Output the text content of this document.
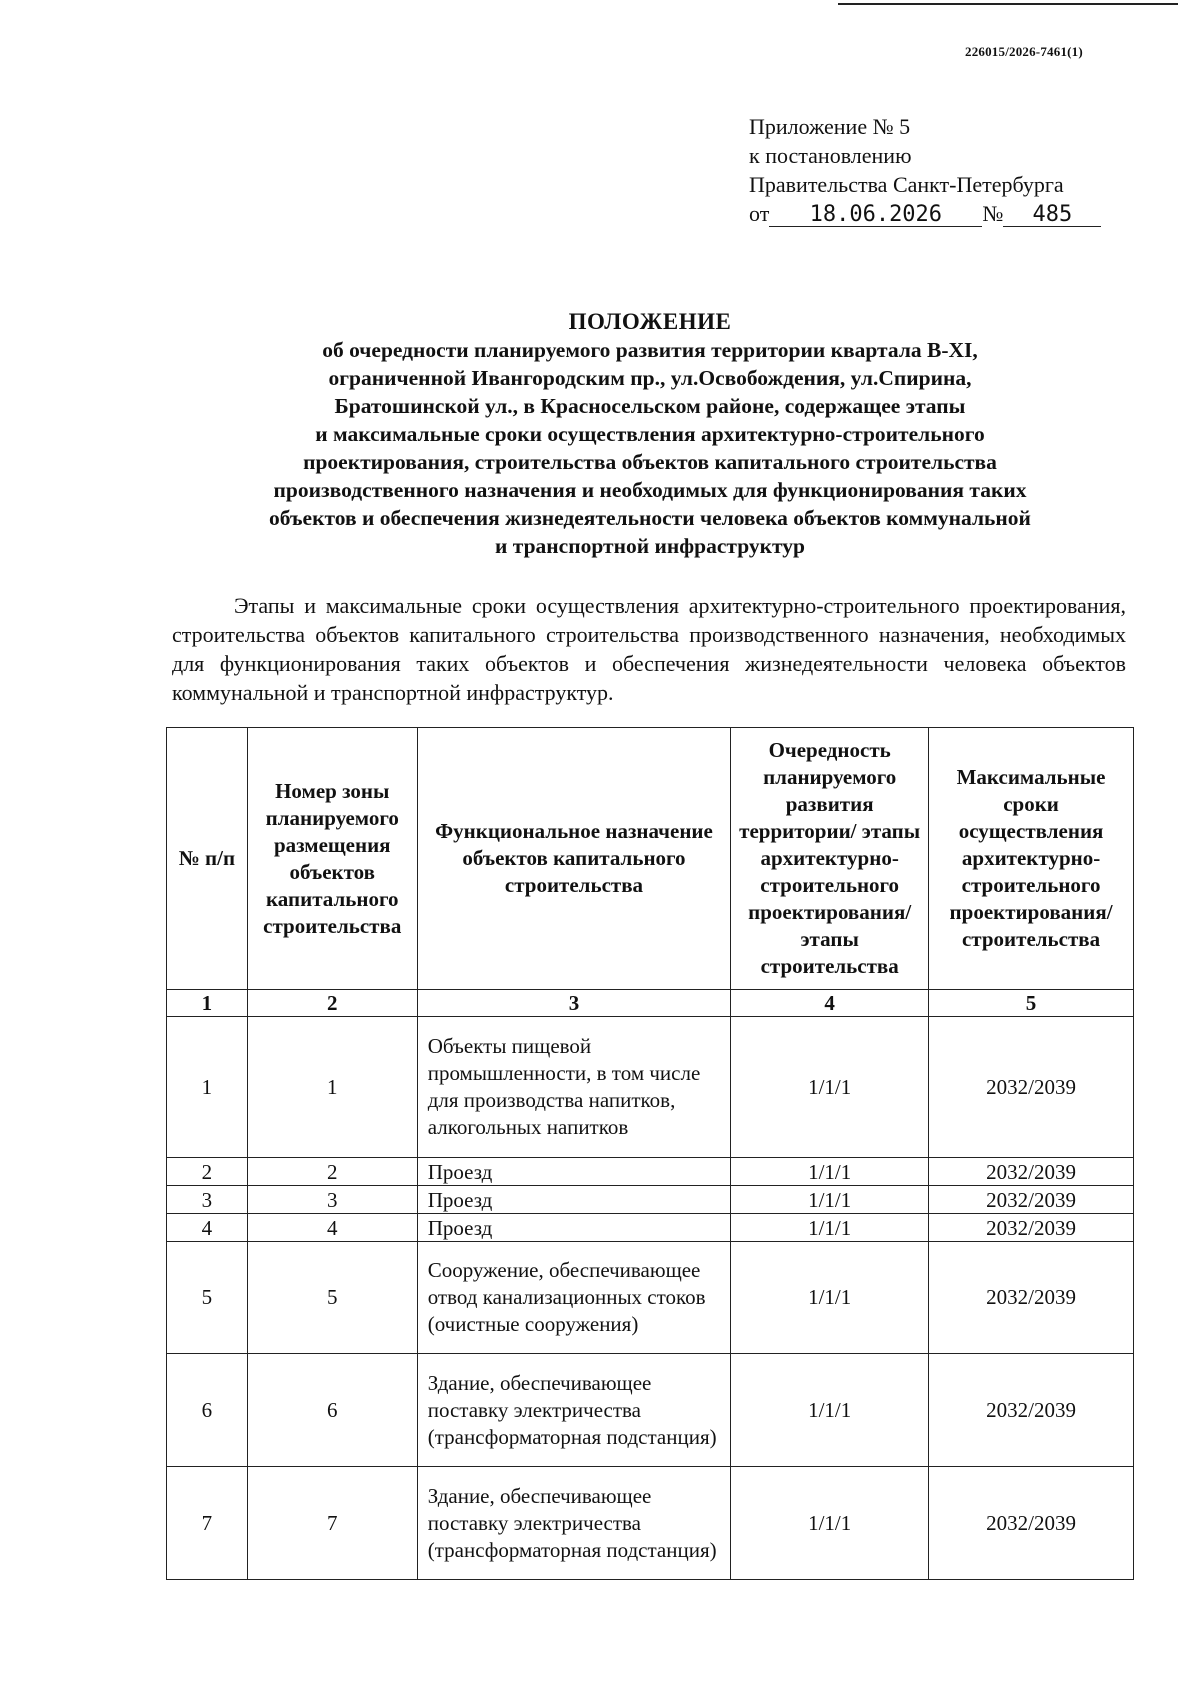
226015/2026-7461(1)
Приложение № 5
к постановлению
Правительства Санкт-Петербурга
от 18.06.2026 № 485
ПОЛОЖЕНИЕ
об очередности планируемого развития территории квартала В-XI,
ограниченной Ивангородским пр., ул.Освобождения, ул.Спирина,
Братошинской ул., в Красносельском районе, содержащее этапы
и максимальные сроки осуществления архитектурно-строительного
проектирования, строительства объектов капитального строительства
производственного назначения и необходимых для функционирования таких
объектов и обеспечения жизнедеятельности человека объектов коммунальной
и транспортной инфраструктур
Этапы и максимальные сроки осуществления архитектурно-строительного проектирования, строительства объектов капитального строительства производственного назначения, необходимых для функционирования таких объектов и обеспечения жизнедеятельности человека объектов коммунальной и транспортной инфраструктур.
№ п/п	Номер зоны планируемого размещения объектов капитального строительства	Функциональное назначение объектов капитального строительства	Очередность планируемого развития территории/ этапы архитектурно-строительного проектирования/ этапы строительства	Максимальные сроки осуществления архитектурно-строительного проектирования/ строительства
1	2	3	4	5
1	1	Объекты пищевой промышленности, в том числе для производства напитков, алкогольных напитков	1/1/1	2032/2039
2	2	Проезд	1/1/1	2032/2039
3	3	Проезд	1/1/1	2032/2039
4	4	Проезд	1/1/1	2032/2039
5	5	Сооружение, обеспечивающее отвод канализационных стоков (очистные сооружения)	1/1/1	2032/2039
6	6	Здание, обеспечивающее поставку электричества (трансформаторная подстанция)	1/1/1	2032/2039
7	7	Здание, обеспечивающее поставку электричества (трансформаторная подстанция)	1/1/1	2032/2039
